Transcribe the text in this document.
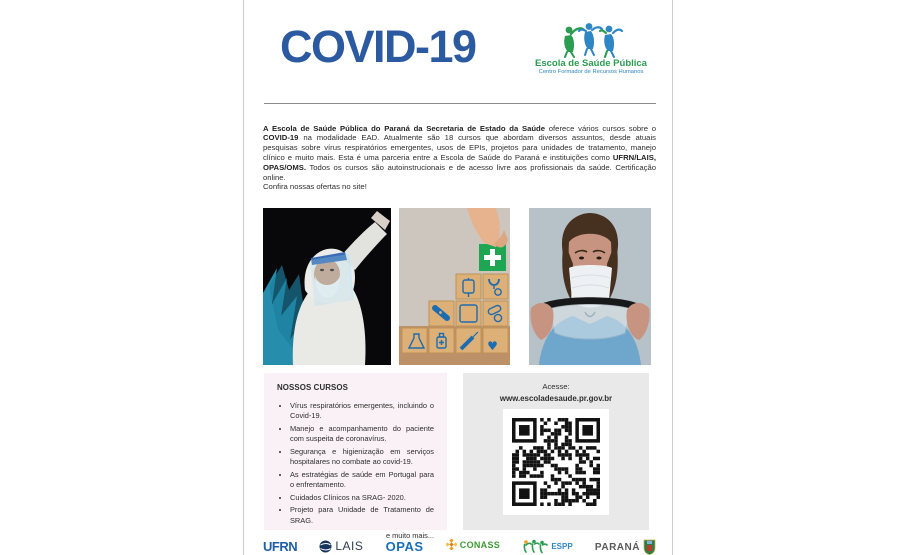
COVID-19	Escola de Saúde Pública
Centro Formador de Recursos Humanos

A Escola de Saúde Pública do Paraná da Secretaria de Estado da Saúde oferece vários cursos sobre o COVID-19 na modalidade EAD. Atualmente são 18 cursos que abordam diversos assuntos, desde atuais pesquisas sobre vírus respiratórios emergentes, usos de EPIs, projetos para unidades de tratamento, manejo clínico e muito mais. Esta é uma parceria entre a Escola de Saúde do Paraná e instituições como UFRN/LAIS, OPAS/OMS. Todos os cursos são autoinstrucionais e de acesso livre aos profissionais da saúde. Certificação online.

Confira nossas ofertas no site!
♥
NOSSOS CURSOS
• Vírus respiratórios emergentes, incluindo o Covid-19.
• Manejo e acompanhamento do paciente com suspeita de coronavírus.
• Segurança e higienização em serviços hospitalares no combate ao covid-19.
• As estratégias de saúde em Portugal para o enfrentamento.
• Cuidados Clínicos na SRAG- 2020.
• Projeto para Unidade de Tratamento de SRAG.
e muito mais...
Acesse:
www.escoladesaude.pr.gov.br
UFRN	LAIS OPAS	CONASS	ESPP PARANÁ
